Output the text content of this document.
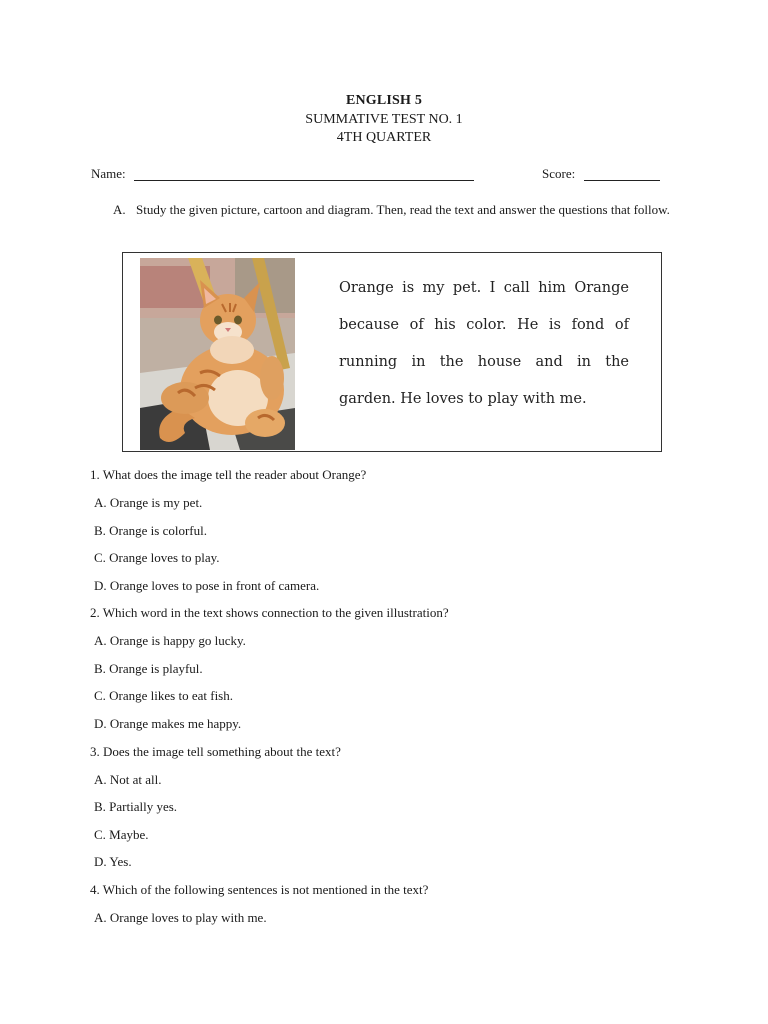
ENGLISH 5
SUMMATIVE TEST NO. 1
4TH QUARTER
Name:	Score:
A. Study the given picture, cartoon and diagram. Then, read the text and answer the questions that follow.
Orange is my pet. I call him Orange because of his color. He is fond of running in the house and in the garden. He loves to play with me.
1. What does the image tell the reader about Orange?
A. Orange is my pet.
B. Orange is colorful.
C. Orange loves to play.
D. Orange loves to pose in front of camera.
2. Which word in the text shows connection to the given illustration?
A. Orange is happy go lucky.
B. Orange is playful.
C. Orange likes to eat fish.
D. Orange makes me happy.
3. Does the image tell something about the text?
A. Not at all.
B. Partially yes.
C. Maybe.
D. Yes.
4. Which of the following sentences is not mentioned in the text?
A. Orange loves to play with me.
